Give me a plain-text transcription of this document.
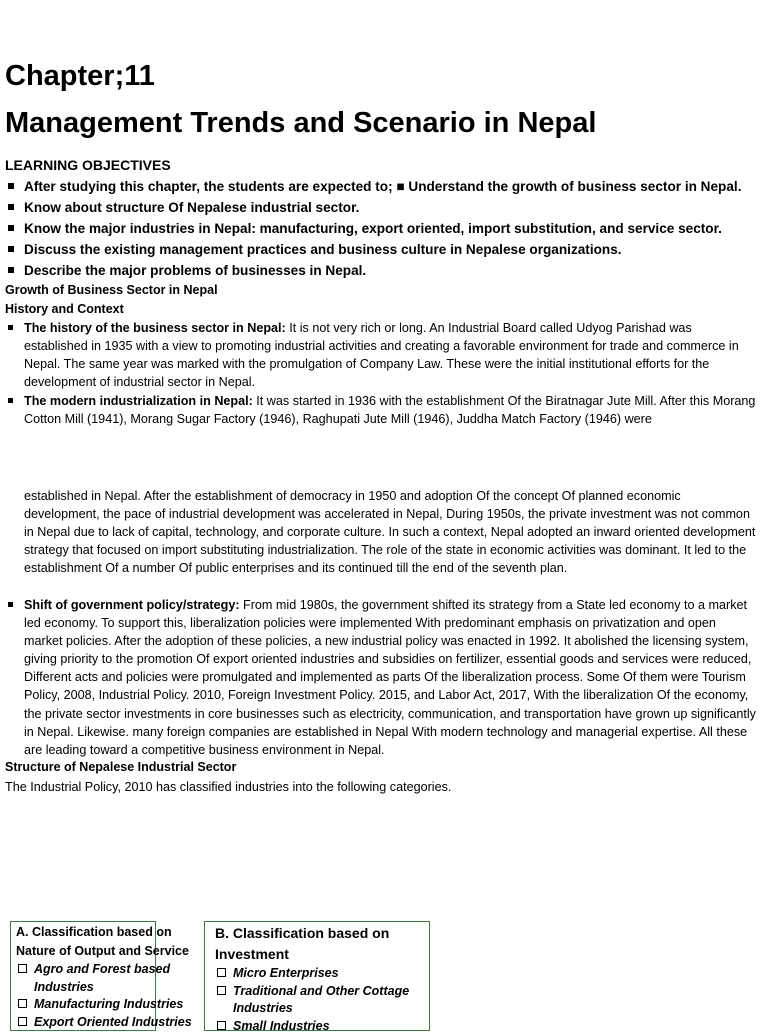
Chapter;11
Management Trends and Scenario in Nepal
LEARNING OBJECTIVES
After studying this chapter, the students are expected to; ■ Understand the growth of business sector in Nepal.
Know about structure Of Nepalese industrial sector.
Know the major industries in Nepal: manufacturing, export oriented, import substitution, and service sector.
Discuss the existing management practices and business culture in Nepalese organizations.
Describe the major problems of businesses in Nepal.
Growth of Business Sector in Nepal
History and Context
The history of the business sector in Nepal: It is not very rich or long. An Industrial Board called Udyog Parishad was established in 1935 with a view to promoting industrial activities and creating a favorable environment for trade and commerce in Nepal. The same year was marked with the promulgation of Company Law. These were the initial institutional efforts for the development of industrial sector in Nepal.
The modern industrialization in Nepal: It was started in 1936 with the establishment Of the Biratnagar Jute Mill. After this Morang Cotton Mill (1941), Morang Sugar Factory (1946), Raghupati Jute Mill (1946), Juddha Match Factory (1946) were
established in Nepal. After the establishment of democracy in 1950 and adoption Of the concept Of planned economic development, the pace of industrial development was accelerated in Nepal, During 1950s, the private investment was not common in Nepal due to lack of capital, technology, and corporate culture. In such a context, Nepal adopted an inward oriented development strategy that focused on import substituting industrialization. The role of the state in economic activities was dominant. It led to the establishment Of a number Of public enterprises and its continued till the end of the seventh plan.
Shift of government policy/strategy: From mid 1980s, the government shifted its strategy from a State led economy to a market led economy. To support this, liberalization policies were implemented With predominant emphasis on privatization and open market policies. After the adoption of these policies, a new industrial policy was enacted in 1992. It abolished the licensing system, giving priority to the promotion Of export oriented industries and subsidies on fertilizer, essential goods and services were reduced, Different acts and policies were promulgated and implemented as parts Of the liberalization process. Some Of them were Tourism Policy, 2008, Industrial Policy. 2010, Foreign Investment Policy. 2015, and Labor Act, 2017, With the liberalization Of the economy, the private sector investments in core businesses such as electricity, communication, and transportation have grown up significantly in Nepal. Likewise. many foreign companies are established in Nepal With modern technology and managerial expertise. All these are leading toward a competitive business environment in Nepal.
Structure of Nepalese Industrial Sector
The Industrial Policy, 2010 has classified industries into the following categories.
A. Classification based on Nature of Output and Service
Agro and Forest based Industries
Manufacturing Industries
Export Oriented Industries
B. Classification based on Investment
Micro Enterprises
Traditional and Other Cottage Industries
Small Industries
